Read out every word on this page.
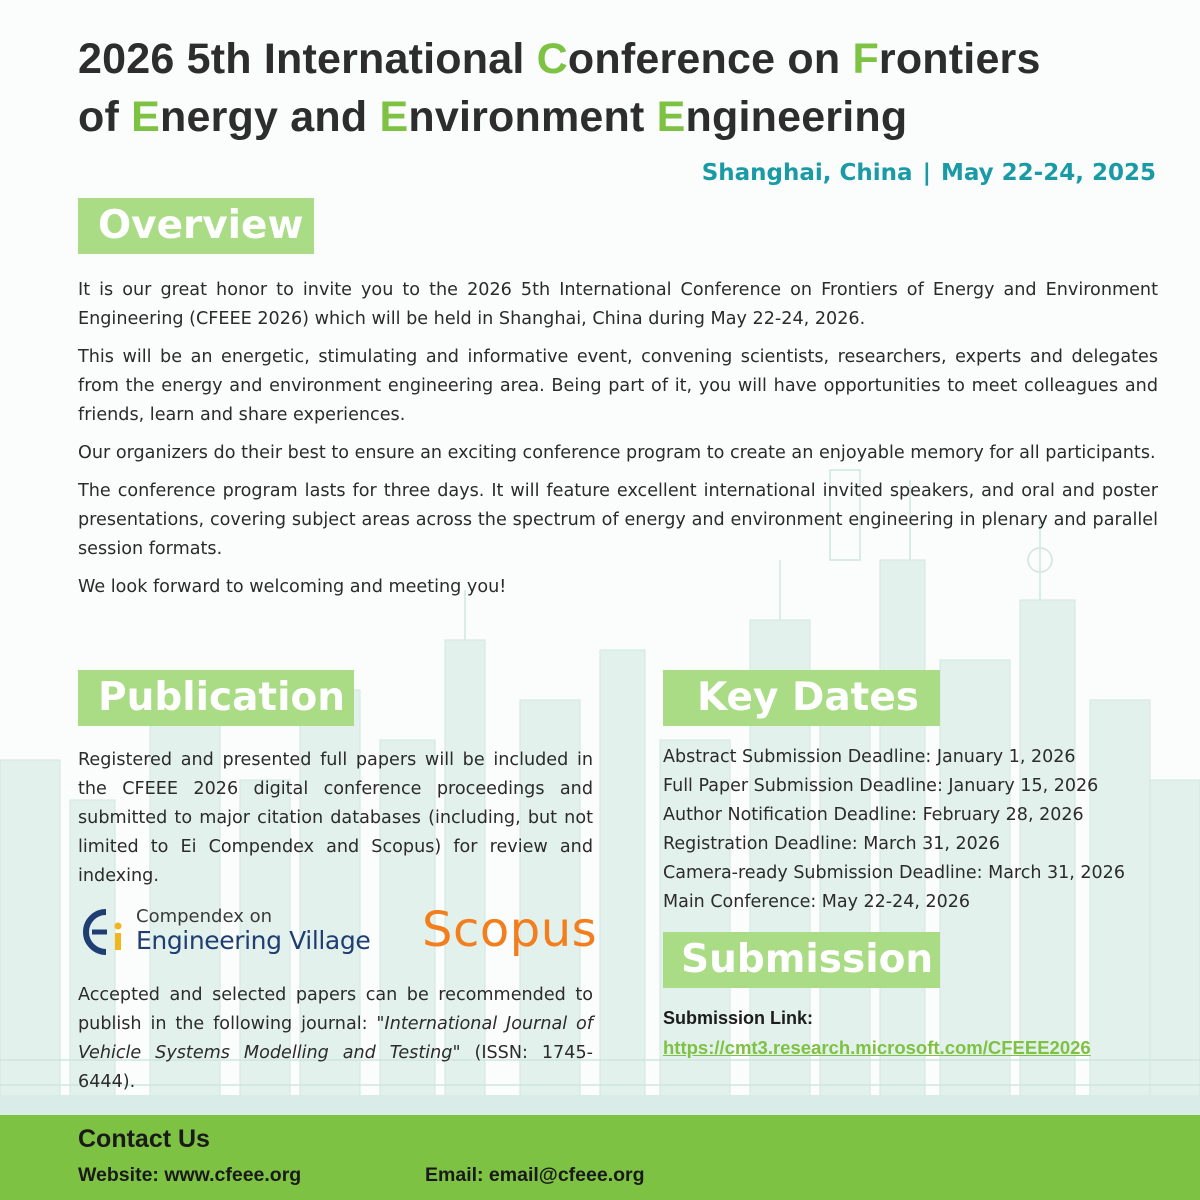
2026 5th International Conference on Frontiers
of Energy and Environment Engineering
Shanghai, China | May 22-24, 2025
Overview

It is our great honor to invite you to the 2026 5th International Conference on Frontiers of Energy and Environment Engineering (CFEEE 2026) which will be held in Shanghai, China during May 22-24, 2026.

This will be an energetic, stimulating and informative event, convening scientists, researchers, experts and delegates from the energy and environment engineering area. Being part of it, you will have opportunities to meet colleagues and friends, learn and share experiences.

Our organizers do their best to ensure an exciting conference program to create an enjoyable memory for all participants.

The conference program lasts for three days. It will feature excellent international invited speakers, and oral and poster presentations, covering subject areas across the spectrum of energy and environment engineering in plenary and parallel session formats.

We look forward to welcoming and meeting you!

Publication

Registered and presented full papers will be included in the CFEEE 2026 digital conference proceedings and submitted to major citation databases (including, but not limited to Ei Compendex and Scopus) for review and indexing.

Compendex on
Engineering Village Scopus

Accepted and selected papers can be recommended to publish in the following journal: "International Journal of Vehicle Systems Modelling and Testing" (ISSN: 1745-6444).

Key Dates
Abstract Submission Deadline: January 1, 2026
Full Paper Submission Deadline: January 15, 2026
Author Notification Deadline: February 28, 2026
Registration Deadline: March 31, 2026
Camera-ready Submission Deadline: March 31, 2026
Main Conference: May 22-24, 2026
Submission
Submission Link:
https://cmt3.research.microsoft.com/CFEEE2026
Contact Us
Website: www.cfeee.org	Email: email@cfeee.org
